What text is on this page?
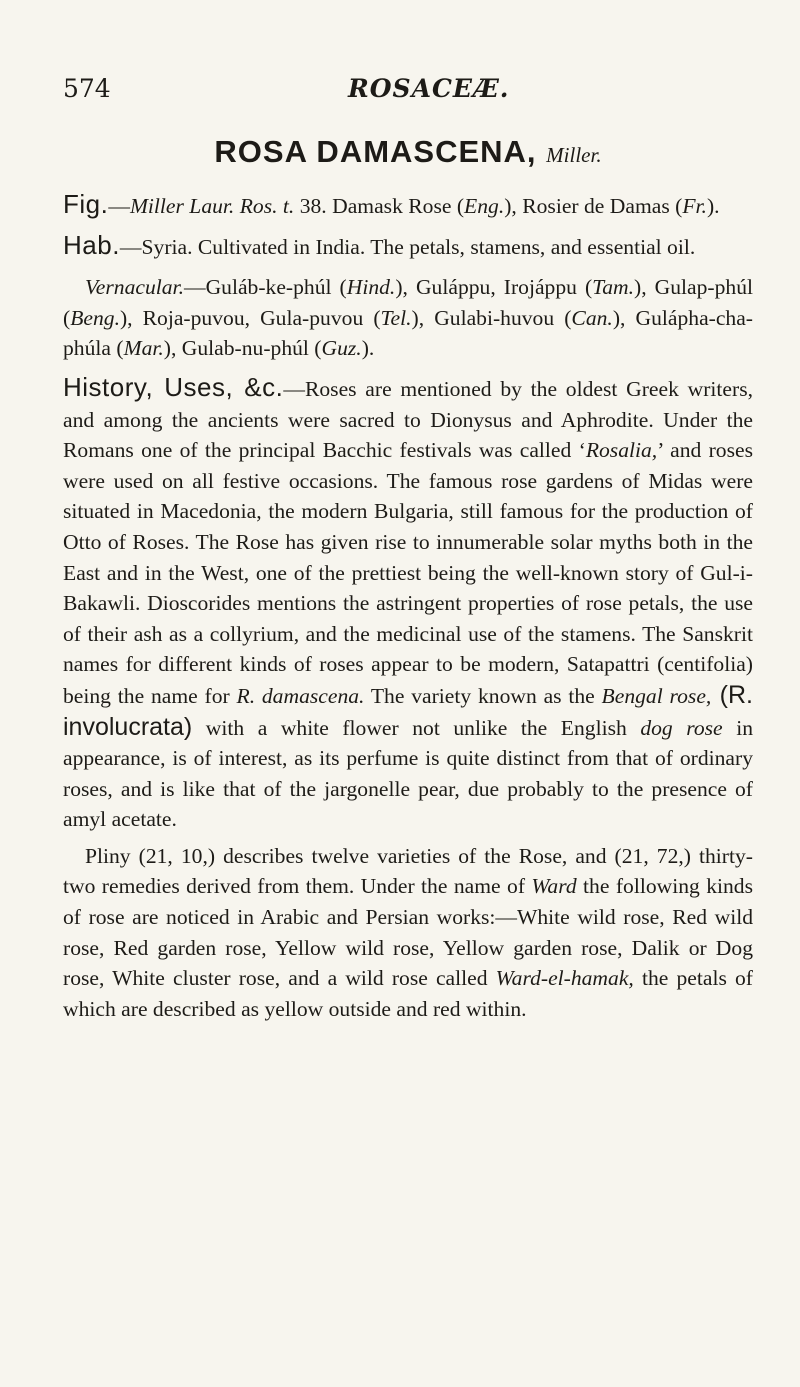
574	ROSACEÆ.
ROSA DAMASCENA, Miller.

Fig.—Miller Laur. Ros. t. 38. Damask Rose (Eng.), Rosier de Damas (Fr.).

Hab.—Syria. Cultivated in India. The petals, stamens, and essential oil.

Vernacular.—Guláb-ke-phúl (Hind.), Guláppu, Irojáppu (Tam.), Gulap-phúl (Beng.), Roja-puvou, Gula-puvou (Tel.), Gulabi-huvou (Can.), Gulápha-cha-phúla (Mar.), Gulab-nu-phúl (Guz.).

History, Uses, &c.—Roses are mentioned by the oldest Greek writers, and among the ancients were sacred to Dionysus and Aphrodite. Under the Romans one of the principal Bacchic festivals was called ‘Rosalia,’ and roses were used on all festive occasions. The famous rose gardens of Midas were situated in Macedonia, the modern Bulgaria, still famous for the production of Otto of Roses. The Rose has given rise to innumerable solar myths both in the East and in the West, one of the prettiest being the well-known story of Gul-i-Bakawli. Dioscorides mentions the astringent properties of rose petals, the use of their ash as a collyrium, and the medicinal use of the stamens. The Sanskrit names for different kinds of roses appear to be modern, Satapattri (centifolia) being the name for R. damascena. The variety known as the Bengal rose, (R. involucrata) with a white flower not unlike the English dog rose in appearance, is of interest, as its perfume is quite distinct from that of ordinary roses, and is like that of the jargonelle pear, due probably to the presence of amyl acetate.

Pliny (21, 10,) describes twelve varieties of the Rose, and (21, 72,) thirty-two remedies derived from them. Under the name of Ward the following kinds of rose are noticed in Arabic and Persian works:—White wild rose, Red wild rose, Red garden rose, Yellow wild rose, Yellow garden rose, Dalik or Dog rose, White cluster rose, and a wild rose called Ward-el-hamak, the petals of which are described as yellow outside and red within.
